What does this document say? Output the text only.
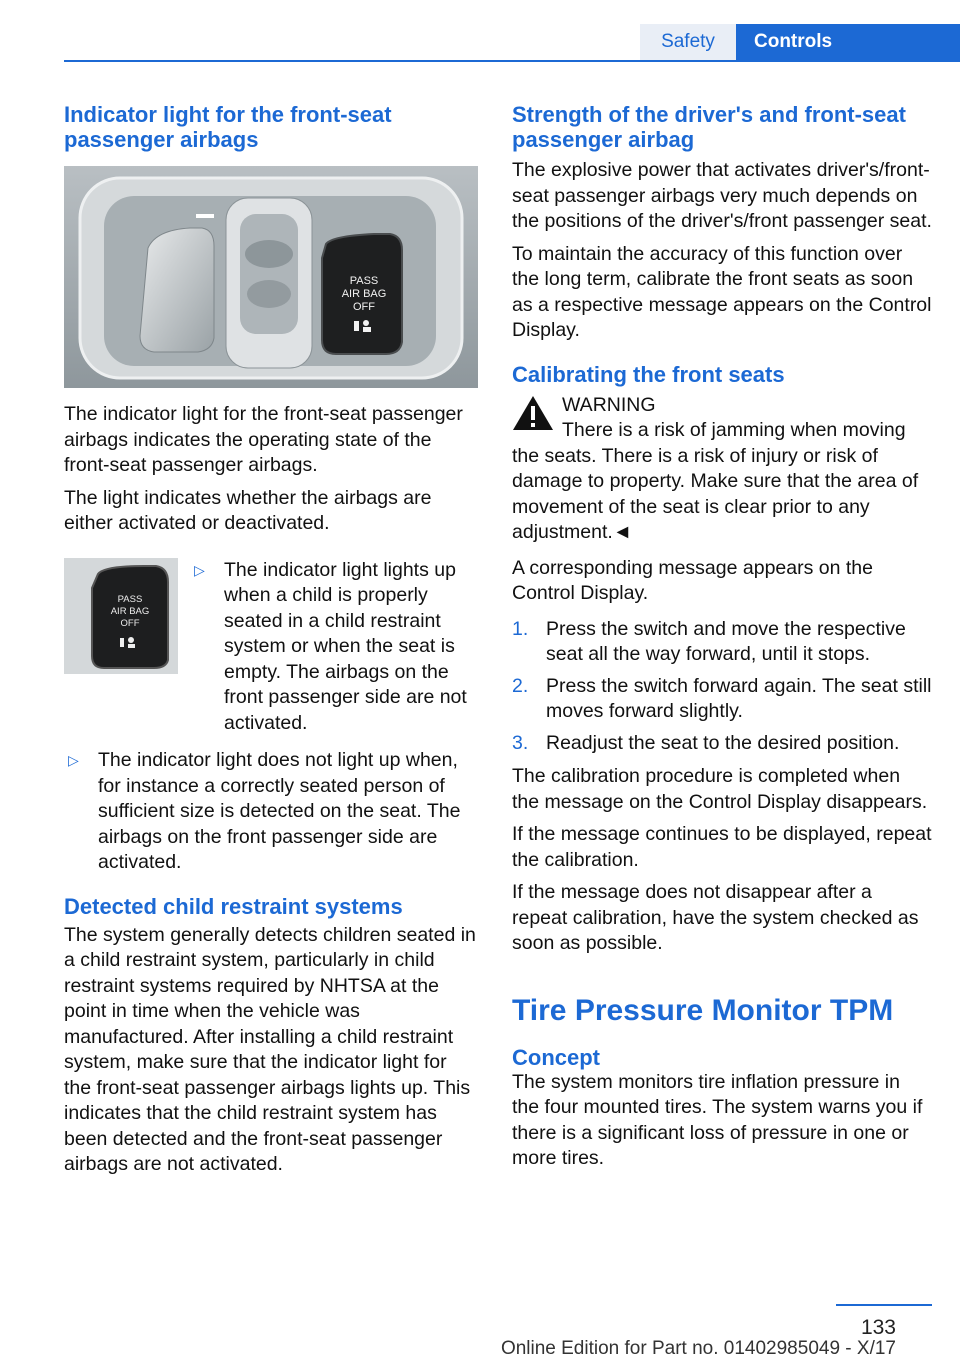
Safety	Controls
Indicator light for the front-seat passenger airbags
PASS
AIR BAG
OFF

The indicator light for the front-seat passenger airbags indicates the operating state of the front-seat passenger airbags.

The light indicates whether the airbags are either activated or deactivated.

PASS
AIR BAG
OFF
▷ The indicator light lights up when a child is properly seated in a child restraint system or when the seat is empty. The airbags on the front passenger side are not activated.
▷ The indicator light does not light up when, for instance a correctly seated person of sufficient size is detected on the seat. The airbags on the front passenger side are activated.
Detected child restraint systems

The system generally detects children seated in a child restraint system, particularly in child restraint systems required by NHTSA at the point in time when the vehicle was manufactured. After installing a child restraint system, make sure that the indicator light for the front-seat passenger airbags lights up. This indicates that the child restraint system has been detected and the front-seat passenger airbags are not activated.

Strength of the driver's and front-seat passenger airbag

The explosive power that activates driver's/front-seat passenger airbags very much depends on the positions of the driver's/front passenger seat.

To maintain the accuracy of this function over the long term, calibrate the front seats as soon as a respective message appears on the Control Display.

Calibrating the front seats
WARNING
There is a risk of jamming when moving
the seats. There is a risk of injury or risk of damage to property. Make sure that the area of movement of the seat is clear prior to any adjustment.◄

A corresponding message appears on the Control Display.

1. Press the switch and move the respective seat all the way forward, until it stops.
2. Press the switch forward again. The seat still moves forward slightly.
3. Readjust the seat to the desired position.

The calibration procedure is completed when the message on the Control Display disappears.

If the message continues to be displayed, repeat the calibration.

If the message does not disappear after a repeat calibration, have the system checked as soon as possible.

Tire Pressure Monitor TPM
Concept

The system monitors tire inflation pressure in the four mounted tires. The system warns you if there is a significant loss of pressure in one or more tires.

133
Online Edition for Part no. 01402985049 - X/17
